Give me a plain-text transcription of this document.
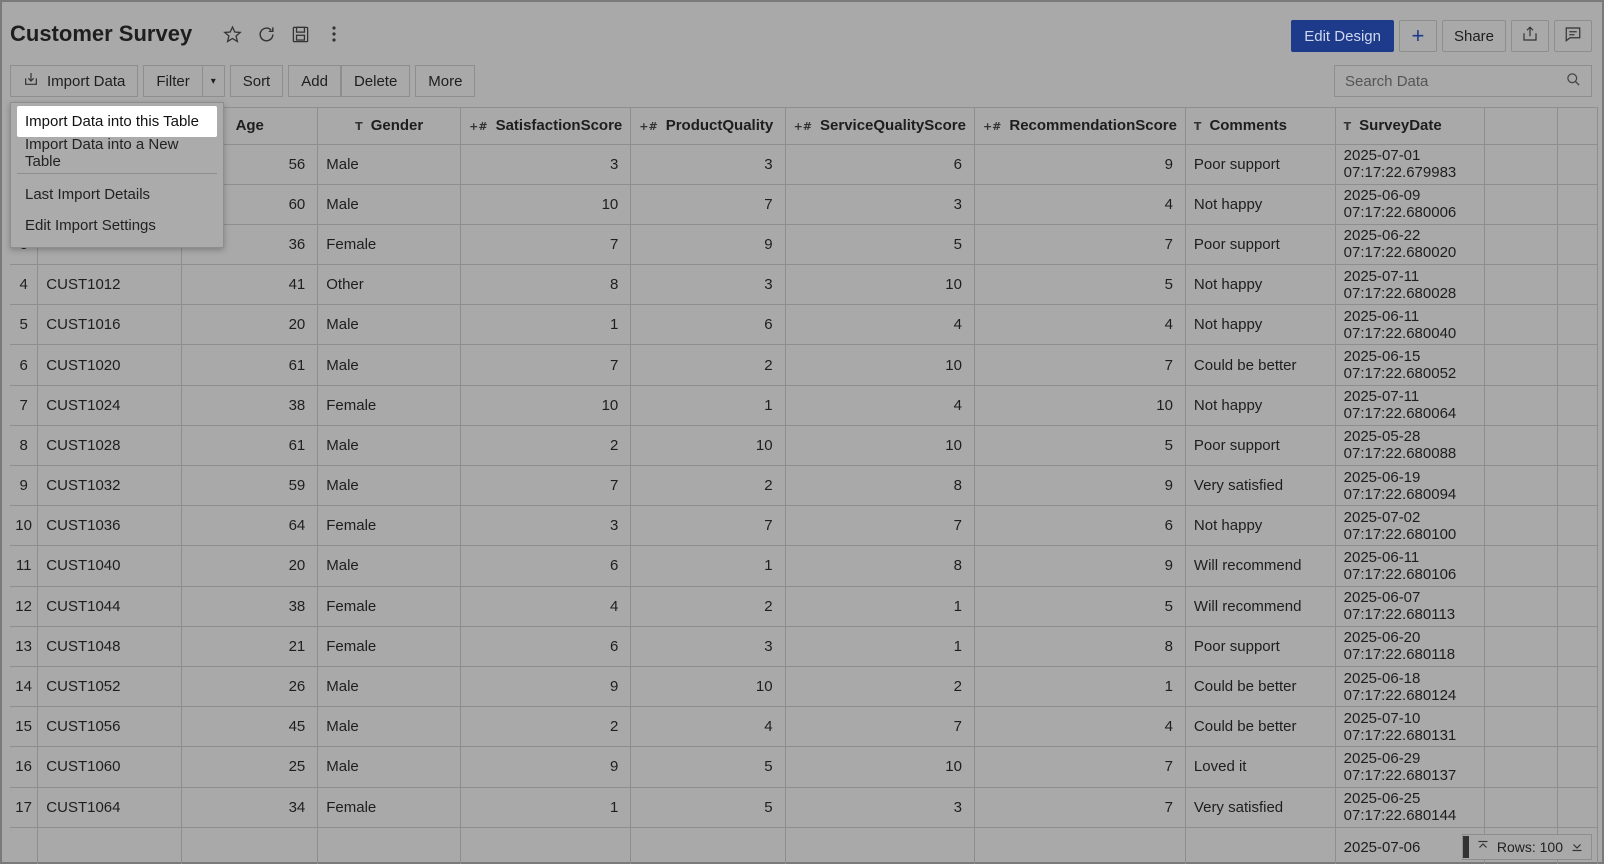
Customer Survey	Edit Design	+	Share
Import Data	Filter	▾	Sort	Add	Delete	More
Search Data
		Age	T Gender	+# SatisfactionScore	+# ProductQuality	+# ServiceQualityScore	+# RecommendationScore	T Comments	T SurveyDate		
		56	Male	3	3	6	9	Poor support	2025-07-01
07:17:22.679983		

		60	Male	10	7	3	4	Not happy	2025-06-09
07:17:22.680006		

		36	Female	7	9	5	7	Poor support	2025-06-22
07:17:22.680020		

4	CUST1012	41	Other	8	3	10	5	Not happy	2025-07-11
07:17:22.680028		

5	CUST1016	20	Male	1	6	4	4	Not happy	2025-06-11
07:17:22.680040		

6	CUST1020	61	Male	7	2	10	7	Could be better	2025-06-15
07:17:22.680052		

7	CUST1024	38	Female	10	1	4	10	Not happy	2025-07-11
07:17:22.680064		

8	CUST1028	61	Male	2	10	10	5	Poor support	2025-05-28
07:17:22.680088		

9	CUST1032	59	Male	7	2	8	9	Very satisfied	2025-06-19
07:17:22.680094		

10	CUST1036	64	Female	3	7	7	6	Not happy	2025-07-02
07:17:22.680100		

11	CUST1040	20	Male	6	1	8	9	Will recommend	2025-06-11
07:17:22.680106		

12	CUST1044	38	Female	4	2	1	5	Will recommend	2025-06-07
07:17:22.680113		

13	CUST1048	21	Female	6	3	1	8	Poor support	2025-06-20
07:17:22.680118		

14	CUST1052	26	Male	9	10	2	1	Could be better	2025-06-18
07:17:22.680124		

15	CUST1056	45	Male	2	4	7	4	Could be better	2025-07-10
07:17:22.680131		

16	CUST1060	25	Male	9	5	10	7	Loved it	2025-06-29
07:17:22.680137		

17	CUST1064	34	Female	1	5	3	7	Very satisfied	2025-06-25
07:17:22.680144		

									2025-07-06		

Import Data into this Table
Import Data into a New Table
Last Import Details
Edit Import Settings
Rows: 100
